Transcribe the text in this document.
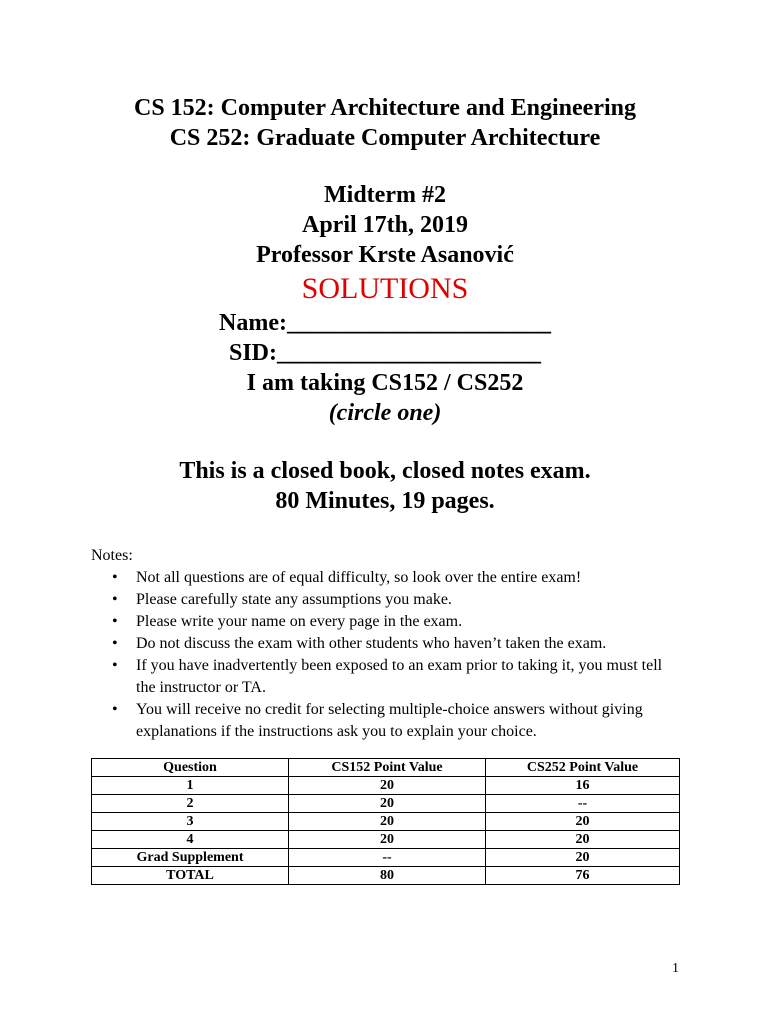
CS 152: Computer Architecture and Engineering
CS 252: Graduate Computer Architecture
Midterm #2
April 17th, 2019
Professor Krste Asanović
SOLUTIONS
Name:______________________
SID:______________________
I am taking CS152 / CS252
(circle one)
This is a closed book, closed notes exam.
80 Minutes, 19 pages.
Notes:
• Not all questions are of equal difficulty, so look over the entire exam!
• Please carefully state any assumptions you make.
• Please write your name on every page in the exam.
• Do not discuss the exam with other students who haven’t taken the exam.
• If you have inadvertently been exposed to an exam prior to taking it, you must tell the instructor or TA.
• You will receive no credit for selecting multiple-choice answers without giving explanations if the instructions ask you to explain your choice.
Question	CS152 Point Value	CS252 Point Value
1	20	16
2	20	--
3	20	20
4	20	20
Grad Supplement	--	20
TOTAL	80	76
1
